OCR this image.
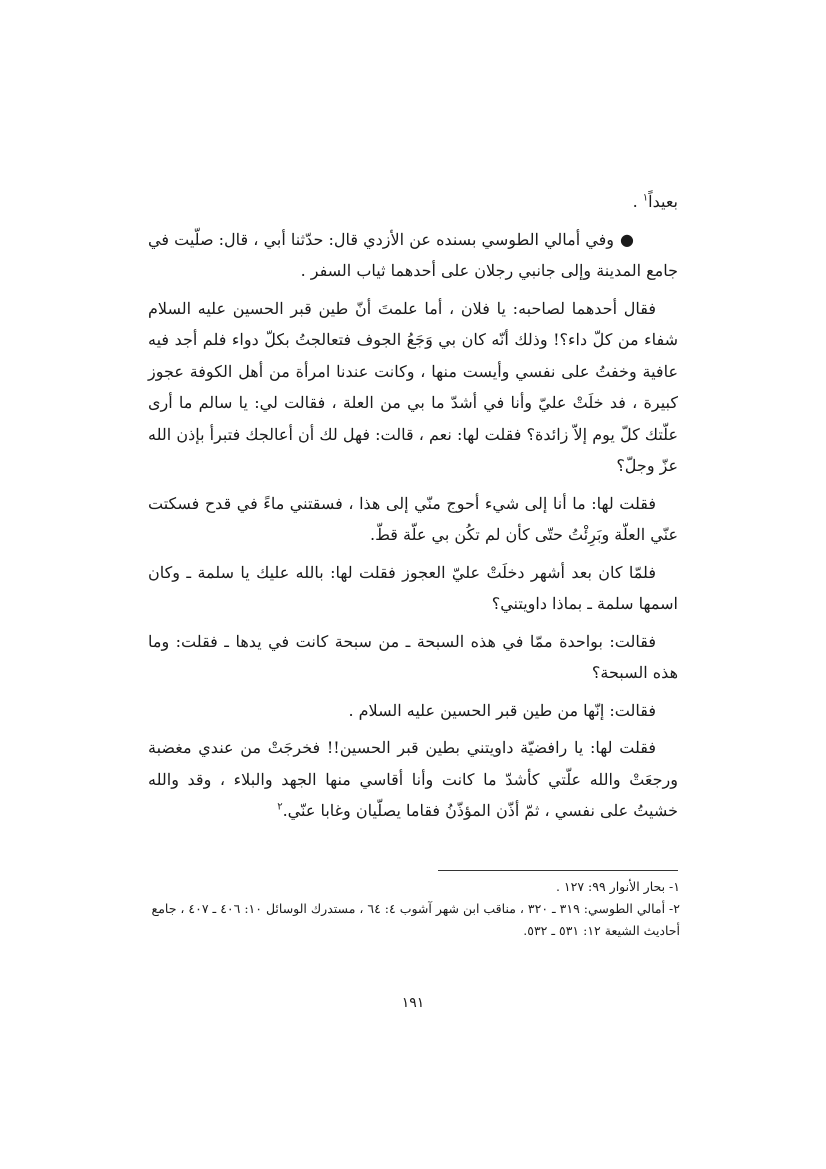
بعيداً$^١$ .

●وفي أمالي الطوسي بسنده عن الأزدي قال: حدّثنا أبي ، قال: صلّيت في جامع المدينة وإلى جانبي رجلان على أحدهما ثياب السفر .

فقال أحدهما لصاحبه: يا فلان ، أما علمتَ أنّ طين قبر الحسين عليه السلام شفاء من كلّ داء؟! وذلك أنّه كان بي وَجَعُ الجوف فتعالجتُ بكلّ دواء فلم أجد فيه عافية وخفتُ على نفسي وأيست منها ، وكانت عندنا امرأة من أهل الكوفة عجوز كبيرة ، فد خلَتْ عليّ وأنا في أشدّ ما بي من العلة ، فقالت لي: يا سالم ما أرى علّتك كلّ يوم إلاّ زائدة؟ فقلت لها: نعم ، قالت: فهل لك أن أعالجك فتبرأ بإذن الله عزّ وجلّ؟

فقلت لها: ما أنا إلى شيء أحوج منّي إلى هذا ، فسقتني ماءً في قدح فسكتت عنّي العلّة وبَرِئْتُ حتّى كأن لم تكُن بي علّة قطّ.

فلمّا كان بعد أشهر دخلَتْ عليّ العجوز فقلت لها: بالله عليك يا سلمة ـ وكان اسمها سلمة ـ بماذا داويتني؟

فقالت: بواحدة ممّا في هذه السبحة ـ من سبحة كانت في يدها ـ فقلت: وما هذه السبحة؟

فقالت: إنّها من طين قبر الحسين عليه السلام .

فقلت لها: يا رافضيّة داويتني بطين قبر الحسين!! فخرجَتْ من عندي مغضبة ورجعَتْ والله علّتي كأشدّ ما كانت وأنا أقاسي منها الجهد والبلاء ، وقد والله خشيتُ على نفسي ، ثمّ أذّن المؤذّنُ فقاما يصلّيان وغابا عنّي.$^٢$

١- بحار الأنوار ٩٩: ١٢٧ .

٢- أمالي الطوسي: ٣١٩ ـ ٣٢٠ ، مناقب ابن شهر آشوب ٤: ٦٤ ، مستدرك الوسائل ١٠: ٤٠٦ ـ ٤٠٧ ، جامع أحاديث الشيعة ١٢: ٥٣١ ـ ٥٣٢.

١٩١
